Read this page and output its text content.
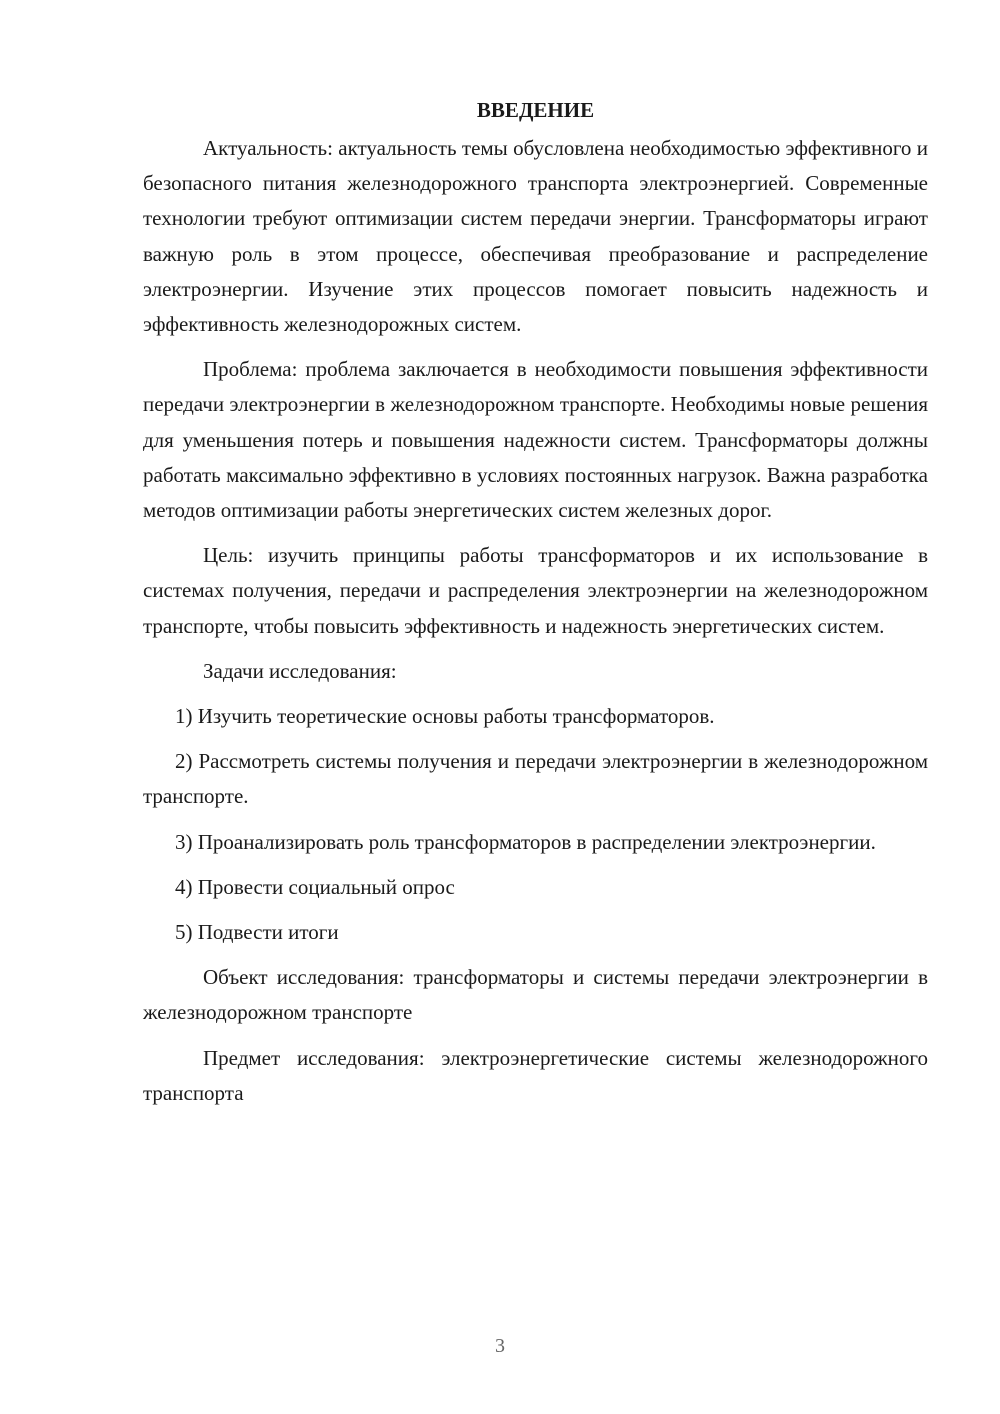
ВВЕДЕНИЕ

Актуальность: актуальность темы обусловлена необходимостью эффективного и безопасного питания железнодорожного транспорта электроэнергией. Современные технологии требуют оптимизации систем передачи энергии. Трансформаторы играют важную роль в этом процессе, обеспечивая преобразование и распределение электроэнергии. Изучение этих процессов помогает повысить надежность и эффективность железнодорожных систем.

Проблема: проблема заключается в необходимости повышения эффективности передачи электроэнергии в железнодорожном транспорте. Необходимы новые решения для уменьшения потерь и повышения надежности систем. Трансформаторы должны работать максимально эффективно в условиях постоянных нагрузок. Важна разработка методов оптимизации работы энергетических систем железных дорог.

Цель: изучить принципы работы трансформаторов и их использование в системах получения, передачи и распределения электроэнергии на железнодорожном транспорте, чтобы повысить эффективность и надежность энергетических систем.

Задачи исследования:

1) Изучить теоретические основы работы трансформаторов.

2) Рассмотреть системы получения и передачи электроэнергии в железнодорожном транспорте.

3) Проанализировать роль трансформаторов в распределении электроэнергии.

4) Провести социальный опрос

5) Подвести итоги

Объект исследования: трансформаторы и системы передачи электроэнергии в железнодорожном транспорте

Предмет исследования: электроэнергетические системы железнодорожного транспорта

3
